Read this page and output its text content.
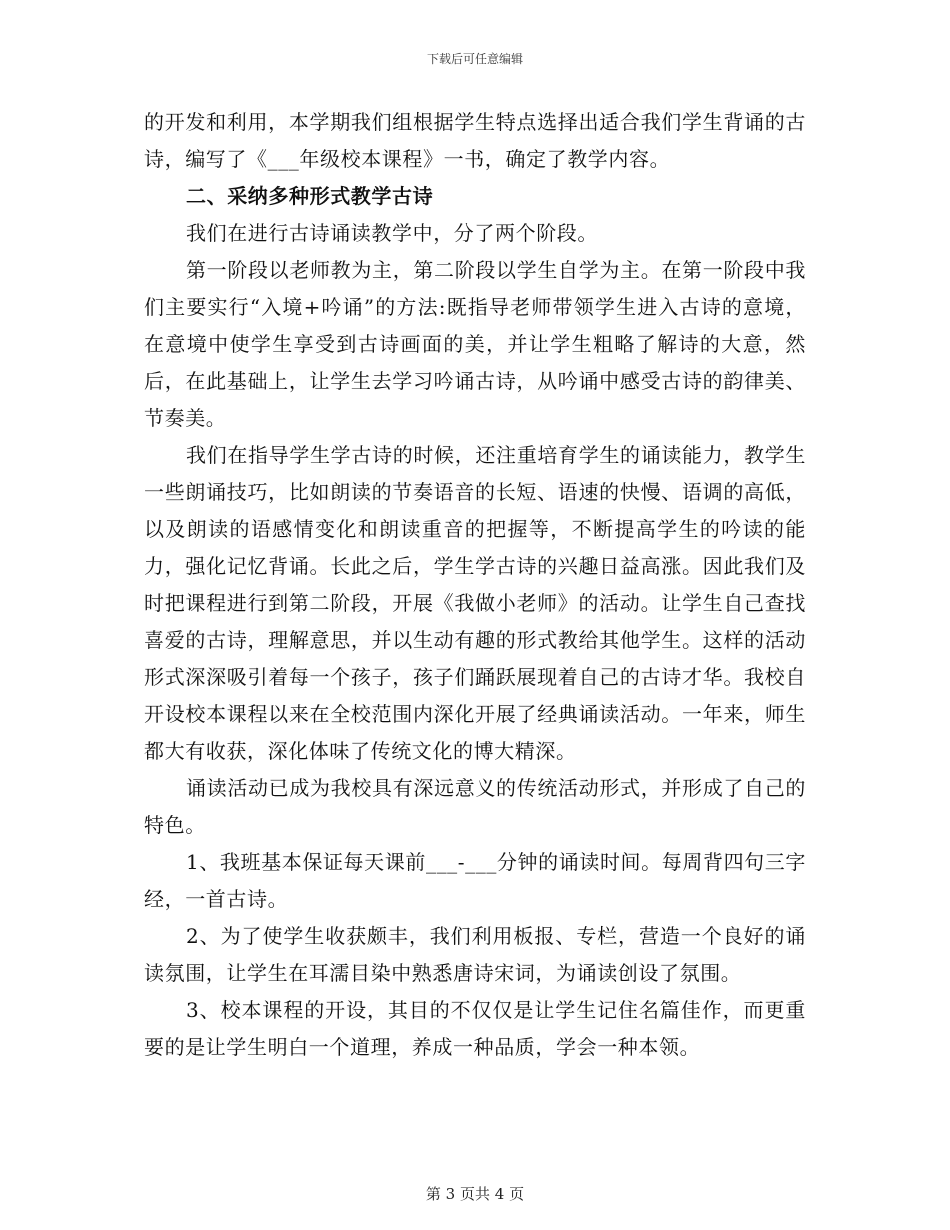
下载后可任意编辑

的开发和利用，本学期我们组根据学生特点选择出适合我们学生背诵的古诗，编写了《___年级校本课程》一书，确定了教学内容。

二、采纳多种形式教学古诗

我们在进行古诗诵读教学中，分了两个阶段。

第一阶段以老师教为主，第二阶段以学生自学为主。在第一阶段中我们主要实行“入境+吟诵”的方法:既指导老师带领学生进入古诗的意境，在意境中使学生享受到古诗画面的美，并让学生粗略了解诗的大意，然后，在此基础上，让学生去学习吟诵古诗，从吟诵中感受古诗的韵律美、节奏美。

我们在指导学生学古诗的时候，还注重培育学生的诵读能力，教学生一些朗诵技巧，比如朗读的节奏语音的长短、语速的快慢、语调的高低，以及朗读的语感情变化和朗读重音的把握等，不断提高学生的吟读的能力，强化记忆背诵。长此之后，学生学古诗的兴趣日益高涨。因此我们及时把课程进行到第二阶段，开展《我做小老师》的活动。让学生自己查找喜爱的古诗，理解意思，并以生动有趣的形式教给其他学生。这样的活动形式深深吸引着每一个孩子，孩子们踊跃展现着自己的古诗才华。我校自开设校本课程以来在全校范围内深化开展了经典诵读活动。一年来，师生都大有收获，深化体味了传统文化的博大精深。

诵读活动已成为我校具有深远意义的传统活动形式，并形成了自己的特色。

1、我班基本保证每天课前___-___分钟的诵读时间。每周背四句三字经，一首古诗。

2、为了使学生收获颇丰，我们利用板报、专栏，营造一个良好的诵读氛围，让学生在耳濡目染中熟悉唐诗宋词，为诵读创设了氛围。

3、校本课程的开设，其目的不仅仅是让学生记住名篇佳作，而更重要的是让学生明白一个道理，养成一种品质，学会一种本领。

第 3 页共 4 页
